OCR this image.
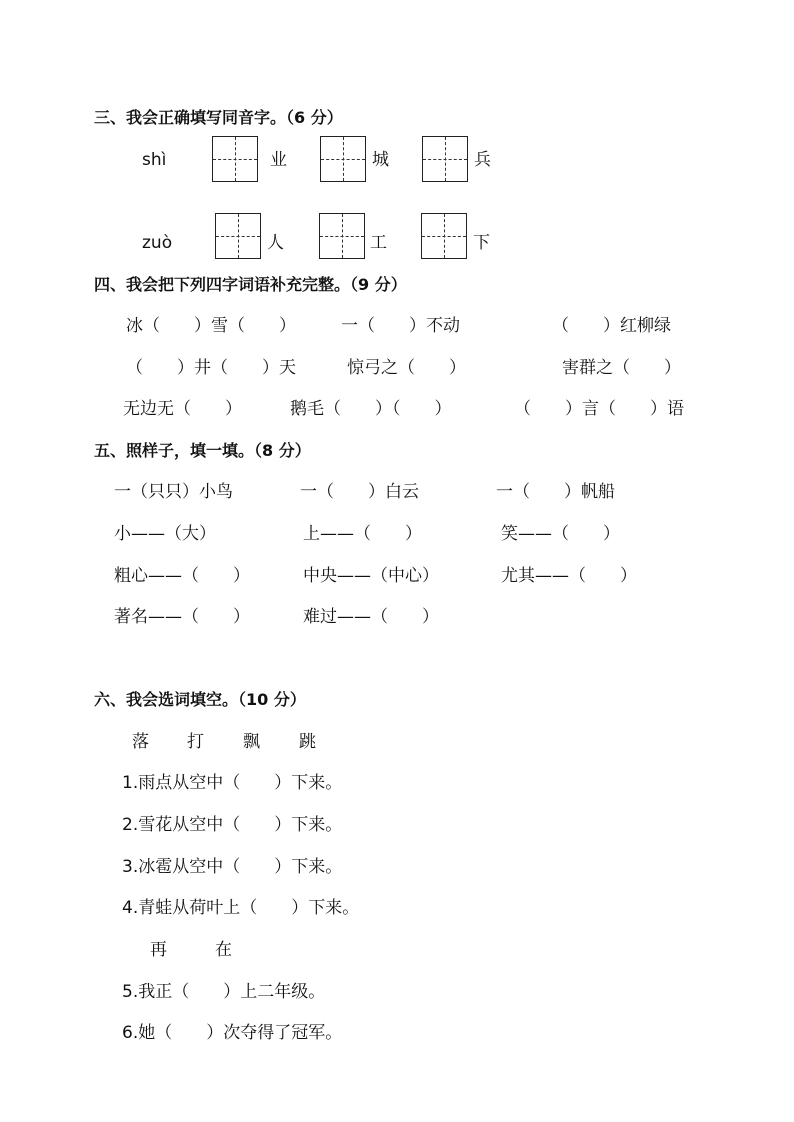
三、我会正确填写同音字。（6 分）
shì	业	城	兵
zuò	人	工	下
四、我会把下列四字词语补充完整。（9 分）
冰（　　）雪（　　）	一（　　）不动	（　　）红柳绿
（　　）井（　　）天	惊弓之（　　）	害群之（　　）
无边无（　　）	鹅毛（　　）（　　）	（　　）言（　　）语
五、照样子，填一填。（8 分）
一（只只）小鸟	一（　　）白云	一（　　）帆船
小——（大）	上——（　　）	笑——（　　）
粗心——（　　）	中央——（中心）	尤其——（　　）
著名——（　　）	难过——（　　）
六、我会选词填空。（10 分）
落 打 飘 跳
1.雨点从空中（　　）下来。
2.雪花从空中（　　）下来。
3.冰雹从空中（　　）下来。
4.青蛙从荷叶上（　　）下来。
再	在
5.我正（　　）上二年级。
6.她（　　）次夺得了冠军。
